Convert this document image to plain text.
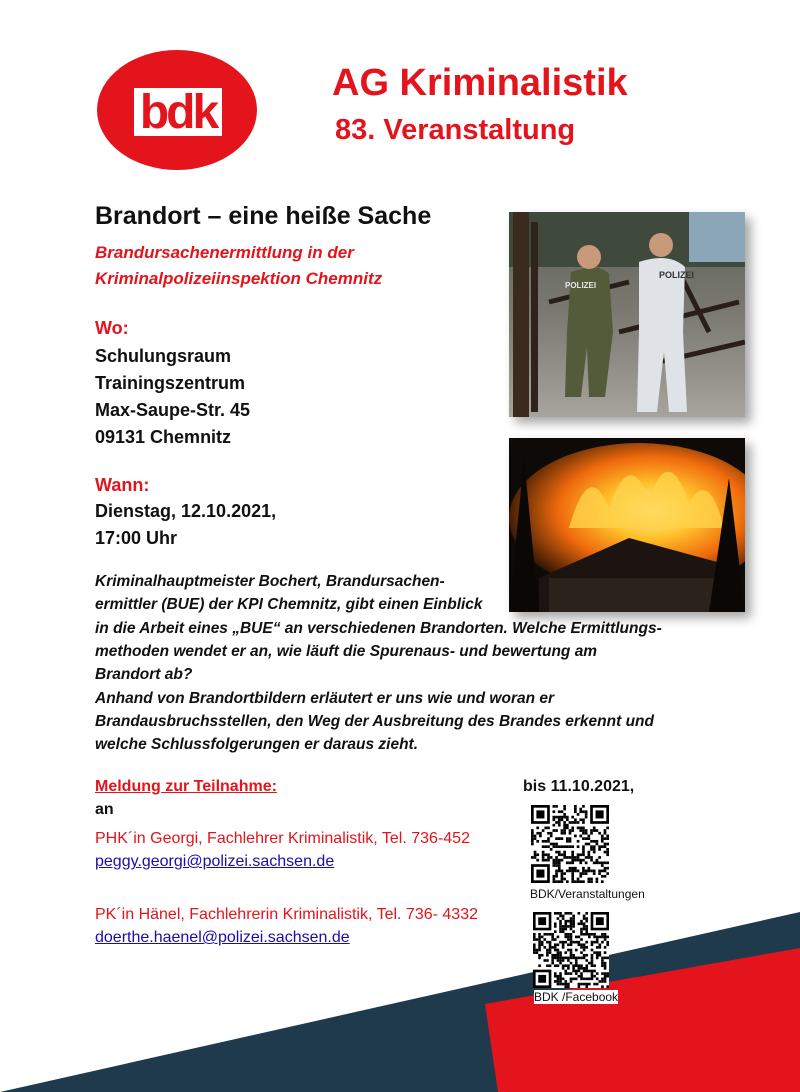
bdk
AG Kriminalistik
83. Veranstaltung
Brandort – eine heiße Sache
Brandursachenermittlung in der
Kriminalpolizeiinspektion Chemnitz
Wo:
Schulungsraum
Trainingszentrum
Max-Saupe-Str. 45
09131 Chemnitz
Wann:
Dienstag, 12.10.2021,
17:00 Uhr
POLIZEI
POLIZEI
Kriminalhauptmeister Bochert, Brandursachen-
ermittler (BUE) der KPI Chemnitz, gibt einen Einblick
in die Arbeit eines „BUE“ an verschiedenen Brandorten. Welche Ermittlungs-
methoden wendet er an, wie läuft die Spurenaus- und bewertung am
Brandort ab?
Anhand von Brandortbildern erläutert er uns wie und woran er
Brandausbruchsstellen, den Weg der Ausbreitung des Brandes erkennt und
welche Schlussfolgerungen er daraus zieht.
Meldung zur Teilnahme:	bis 11.10.2021,
an
PHK´in Georgi, Fachlehrer Kriminalistik, Tel. 736-452
peggy.georgi@polizei.sachsen.de
PK´in Hänel, Fachlehrerin Kriminalistik, Tel. 736- 4332
doerthe.haenel@polizei.sachsen.de
BDK/Veranstaltungen
BDK /Facebook
